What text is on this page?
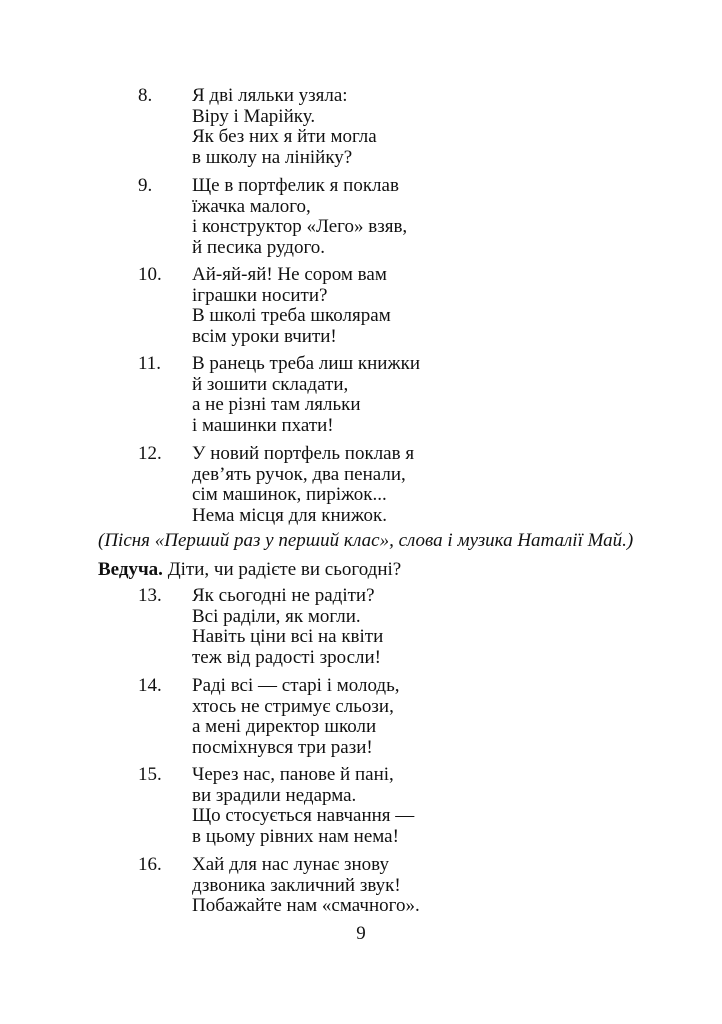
8.	Я дві ляльки узяла:
Віру і Марійку.
Як без них я йти могла
в школу на лінійку?
9.	Ще в портфелик я поклав
їжачка малого,
і конструктор «Лего» взяв,
й песика рудого.
10.	Ай-яй-яй! Не сором вам
іграшки носити?
В школі треба школярам
всім уроки вчити!
11.	В ранець треба лиш книжки
й зошити складати,
а не різні там ляльки
і машинки пхати!
12.	У новий портфель поклав я
дев’ять ручок, два пенали,
сім машинок, пиріжок...
Нема місця для книжок.
(Пісня «Перший раз у перший клас», слова і музика Наталії Май.)
Ведуча. Діти, чи радієте ви сьогодні?
13.	Як сьогодні не радіти?
Всі раділи, як могли.
Навіть ціни всі на квіти
теж від радості зросли!
14.	Раді всі — старі і молодь,
хтось не стримує сльози,
а мені директор школи
посміхнувся три рази!
15.	Через нас, панове й пані,
ви зрадили недарма.
Що стосується навчання —
в цьому рівних нам нема!
16.	Хай для нас лунає знову
дзвоника закличний звук!
Побажайте нам «смачного».
9
